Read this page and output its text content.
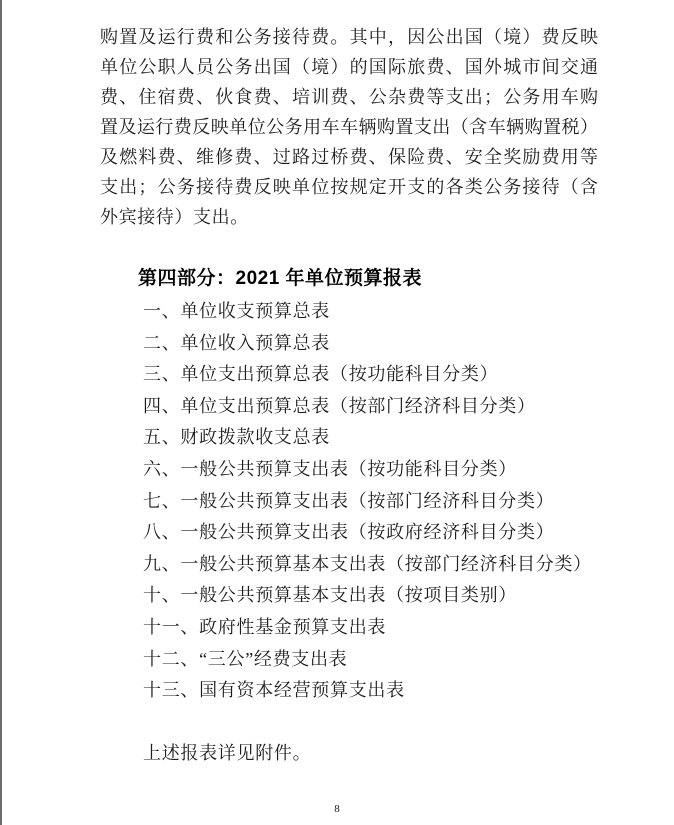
购置及运行费和公务接待费。其中，因公出国（境）费反映
单位公职人员公务出国（境）的国际旅费、国外城市间交通
费、住宿费、伙食费、培训费、公杂费等支出；公务用车购
置及运行费反映单位公务用车车辆购置支出（含车辆购置税）
及燃料费、维修费、过路过桥费、保险费、安全奖励费用等
支出；公务接待费反映单位按规定开支的各类公务接待（含
外宾接待）支出。
第四部分：2021 年单位预算报表
一、单位收支预算总表
二、单位收入预算总表
三、单位支出预算总表（按功能科目分类）
四、单位支出预算总表（按部门经济科目分类）
五、财政拨款收支总表
六、一般公共预算支出表（按功能科目分类）
七、一般公共预算支出表（按部门经济科目分类）
八、一般公共预算支出表（按政府经济科目分类）
九、一般公共预算基本支出表（按部门经济科目分类）
十、一般公共预算基本支出表（按项目类别）
十一、政府性基金预算支出表
十二、“三公”经费支出表
十三、国有资本经营预算支出表
上述报表详见附件。
8
